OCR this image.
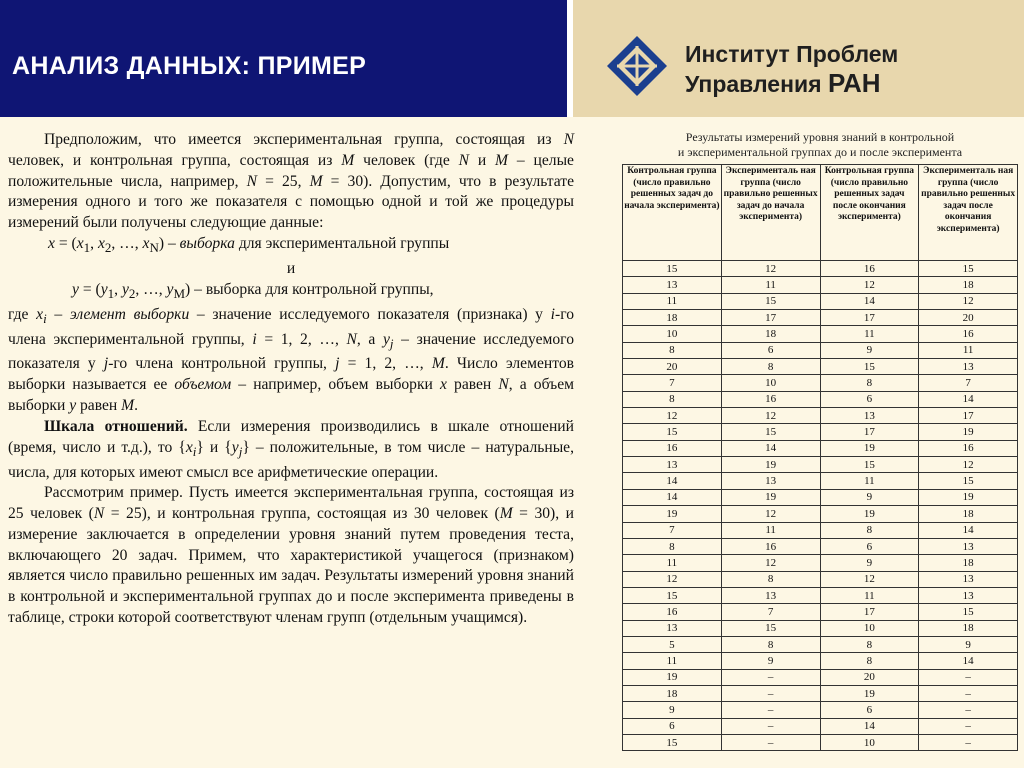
АНАЛИЗ ДАННЫХ: ПРИМЕР	Институт Проблем
Управления РАН

Предположим, что имеется экспериментальная группа, состоящая из N человек, и контрольная группа, состоящая из M человек (где N и M – целые положительные числа, например, N = 25, M = 30). Допустим, что в результате измерения одного и того же показателя с помощью одной и той же процедуры измерений были получены следующие данные:

$x = (x_1$, $x_2$, …, $x_N$) – выборка для экспериментальной группы

и

$y = (y_1$, $y_2$, …, $y_M$) – выборка для контрольной группы,

где $x_i$ – элемент выборки – значение исследуемого показателя (признака) у i-го члена экспериментальной группы, i = 1, 2, …, N, а $y_j$ – значение исследуемого показателя у j-го члена контрольной группы, j = 1, 2, …, M. Число элементов выборки называется ее объемом – например, объем выборки x равен N, а объем выборки y равен M.

Шкала отношений. Если измерения производились в шкале отношений (время, число и т.д.), то $\{x_i\}$ и $\{y_j\}$ – положительные, в том числе – натуральные, числа, для которых имеют смысл все арифметические операции.

Рассмотрим пример. Пусть имеется экспериментальная группа, состоящая из 25 человек (N = 25), и контрольная группа, состоящая из 30 человек (M = 30), и измерение заключается в определении уровня знаний путем проведения теста, включающего 20 задач. Примем, что характеристикой учащегося (признаком) является число правильно решенных им задач. Результаты измерений уровня знаний в контрольной и экспериментальной группах до и после эксперимента приведены в таблице, строки которой соответствуют членам групп (отдельным учащимся).

Результаты измерений уровня знаний в контрольной
и экспериментальной группах до и после эксперимента
Контрольная группа (число правильно решенных задач до начала эксперимента)	Эксперименталь ная группа (число правильно решенных задач до начала эксперимента)	Контрольная группа (число правильно решенных задач после окончания эксперимента)	Эксперименталь ная группа (число правильно решенных задач после окончания эксперимента)
15	12	16	15
13	11	12	18
11	15	14	12
18	17	17	20
10	18	11	16
8	6	9	11
20	8	15	13
7	10	8	7
8	16	6	14
12	12	13	17
15	15	17	19
16	14	19	16
13	19	15	12
14	13	11	15
14	19	9	19
19	12	19	18
7	11	8	14
8	16	6	13
11	12	9	18
12	8	12	13
15	13	11	13
16	7	17	15
13	15	10	18
5	8	8	9
11	9	8	14
19	–	20	–
18	–	19	–
9	–	6	–
6	–	14	–
15	–	10	–
